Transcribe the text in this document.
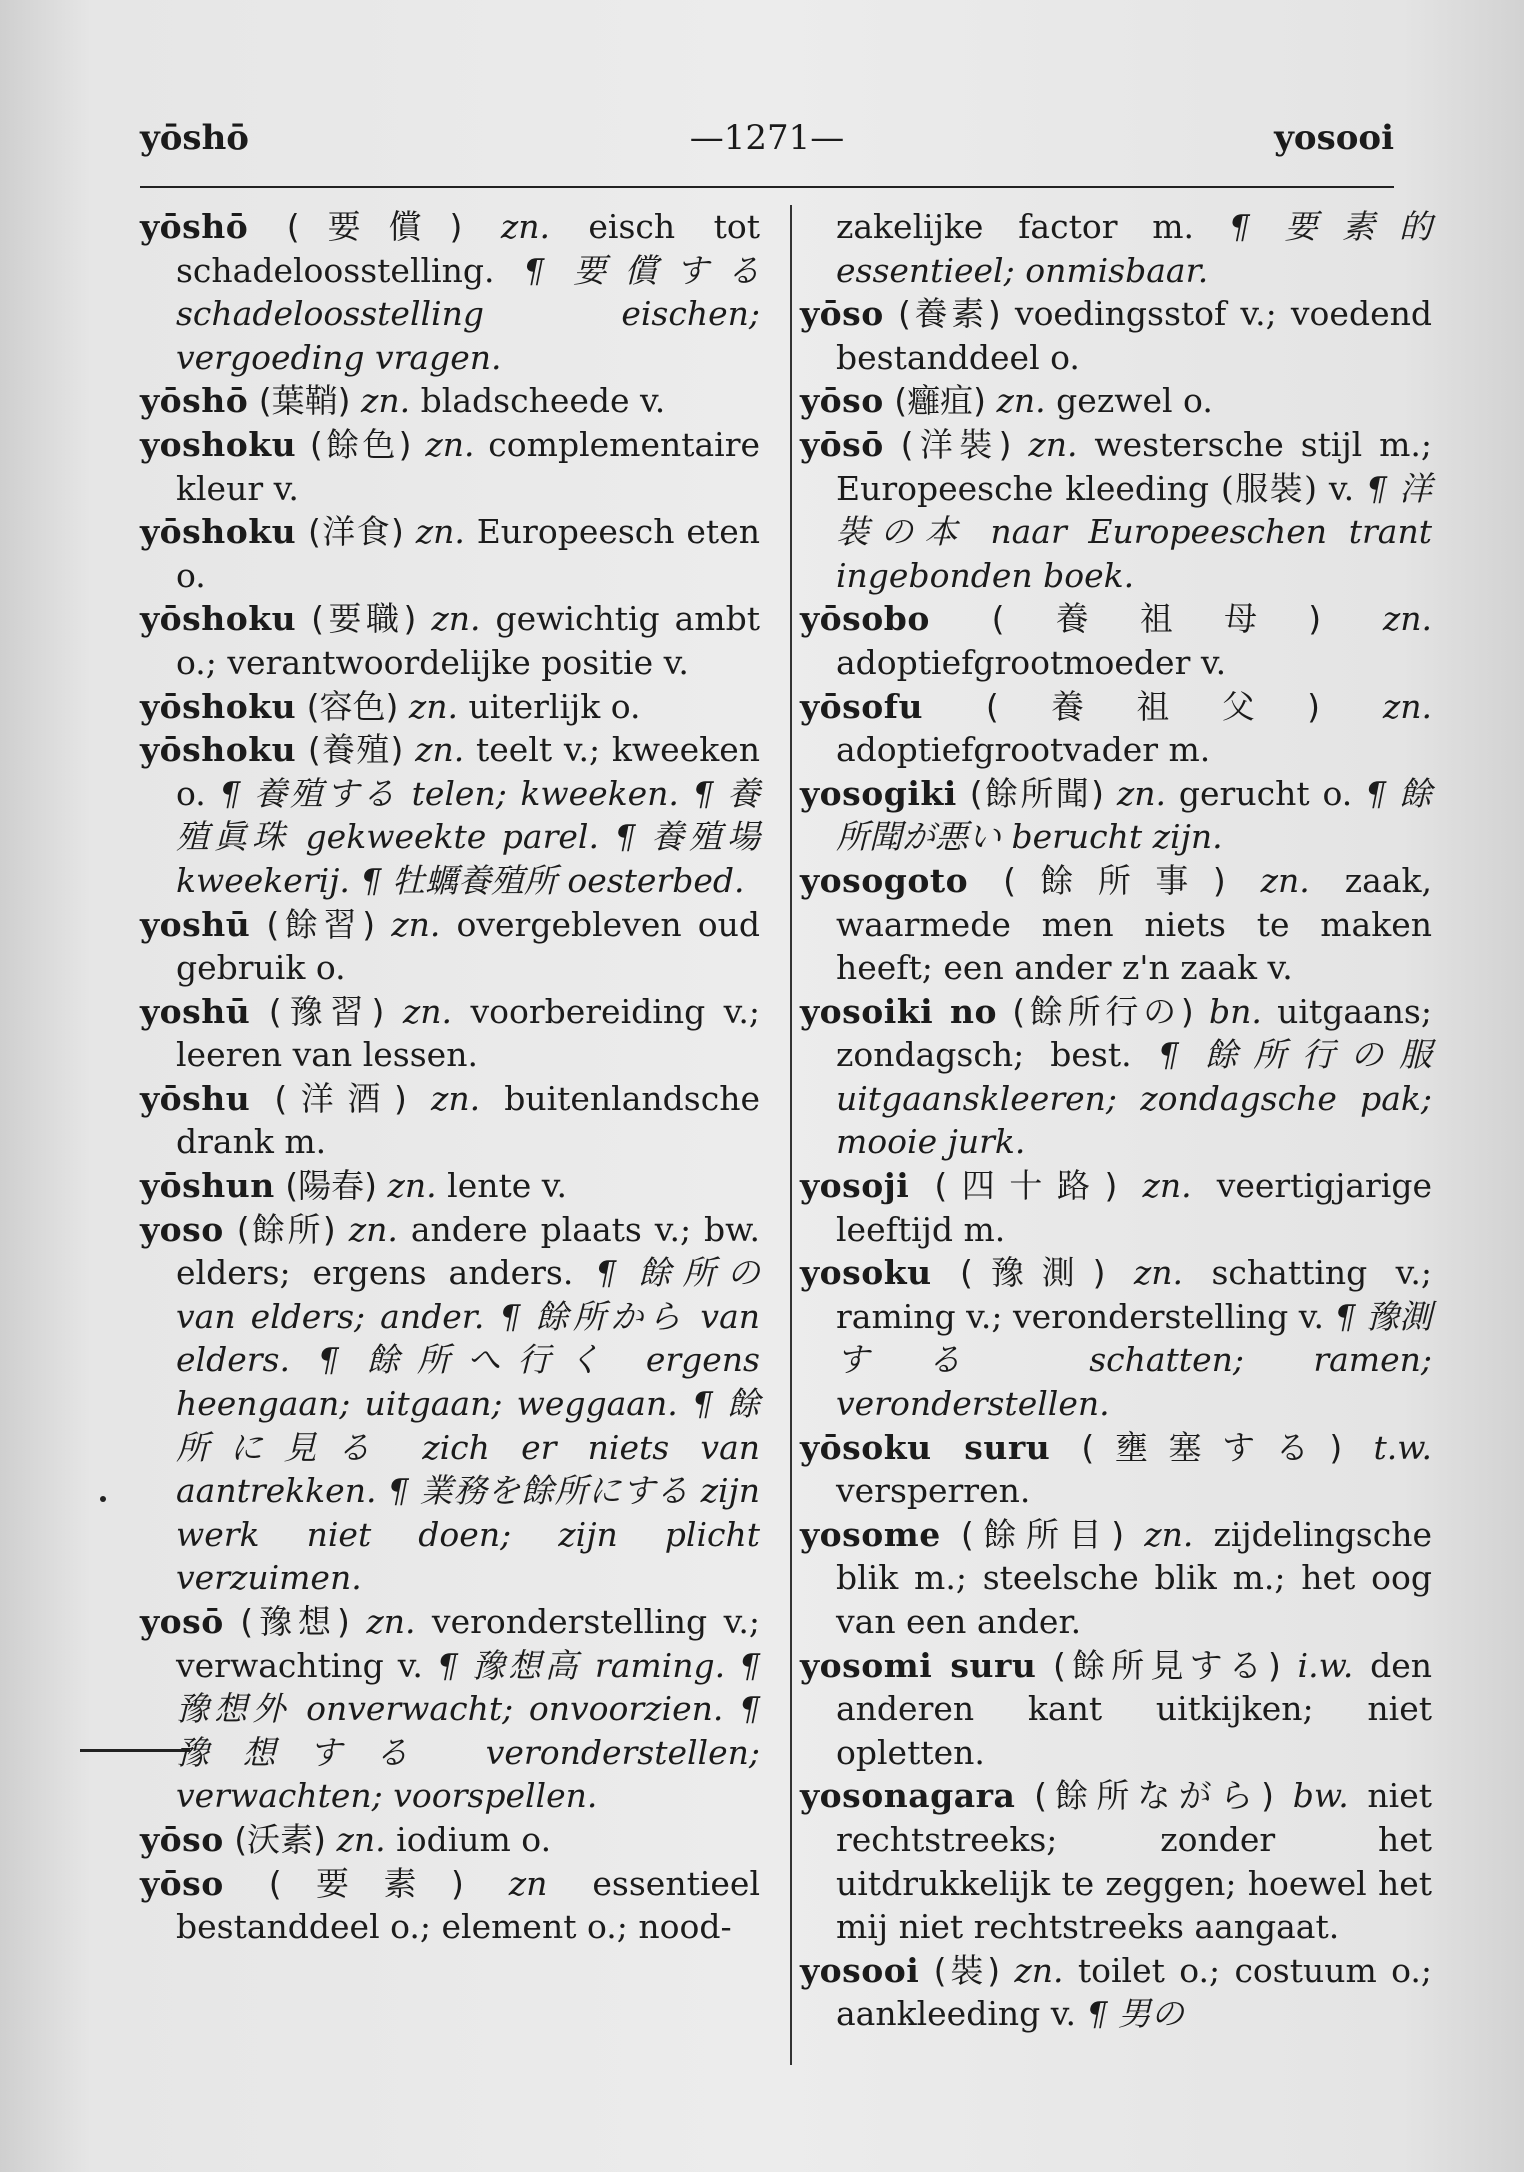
yōshō	—1271—	yosooi

yōshō (要償) zn. eisch tot schadeloosstelling. ¶ 要償する schadeloosstelling eischen; vergoeding vragen.

yōshō (葉鞘) zn. bladscheede v.

yoshoku (餘色) zn. complementaire kleur v.

yōshoku (洋食) zn. Europeesch eten o.

yōshoku (要職) zn. gewichtig ambt o.; verantwoordelijke positie v.

yōshoku (容色) zn. uiterlijk o.

yōshoku (養殖) zn. teelt v.; kweeken o. ¶ 養殖する telen; kweeken. ¶ 養殖眞珠 gekweekte parel. ¶ 養殖場 kweekerij. ¶ 牡蠣養殖所 oesterbed.

yoshū (餘習) zn. overgebleven oud gebruik o.

yoshū (豫習) zn. voorbereiding v.; leeren van lessen.

yōshu (洋酒) zn. buitenlandsche drank m.

yōshun (陽春) zn. lente v.

yoso (餘所) zn. andere plaats v.; bw. elders; ergens anders. ¶ 餘所の van elders; ander. ¶ 餘所から van elders. ¶ 餘所へ行く ergens heengaan; uitgaan; weggaan. ¶ 餘所に見る zich er niets van aantrekken. ¶ 業務を餘所にする zijn werk niet doen; zijn plicht verzuimen.

yosō (豫想) zn. veronderstelling v.; verwachting v. ¶ 豫想高 raming. ¶ 豫想外 onverwacht; onvoorzien. ¶ 豫想する veronderstellen; verwachten; voorspellen.

yōso (沃素) zn. iodium o.

yōso (要素) zn essentieel bestanddeel o.; element o.; nood-

zakelijke factor m. ¶ 要素的 essentieel; onmisbaar.

yōso (養素) voedingsstof v.; voedend bestanddeel o.

yōso (癰疽) zn. gezwel o.

yōsō (洋裝) zn. westersche stijl m.; Europeesche kleeding (服裝) v. ¶ 洋裝の本 naar Europeeschen trant ingebonden boek.

yōsobo (養祖母) zn. adoptiefgrootmoeder v.

yōsofu (養祖父) zn. adoptiefgrootvader m.

yosogiki (餘所聞) zn. gerucht o. ¶ 餘所聞が悪い berucht zijn.

yosogoto (餘所事) zn. zaak, waarmede men niets te maken heeft; een ander z'n zaak v.

yosoiki no (餘所行の) bn. uitgaans; zondagsch; best. ¶ 餘所行の服 uitgaanskleeren; zondagsche pak; mooie jurk.

yosoji (四十路) zn. veertigjarige leeftijd m.

yosoku (豫測) zn. schatting v.; raming v.; veronderstelling v. ¶ 豫測する schatten; ramen; veronderstellen.

yōsoku suru (壅塞する) t.w. versperren.

yosome (餘所目) zn. zijdelingsche blik m.; steelsche blik m.; het oog van een ander.

yosomi suru (餘所見する) i.w. den anderen kant uitkijken; niet opletten.

yosonagara (餘所ながら) bw. niet rechtstreeks; zonder het uitdrukkelijk te zeggen; hoewel het mij niet rechtstreeks aangaat.

yosooi (裝) zn. toilet o.; costuum o.; aankleeding v. ¶ 男の
